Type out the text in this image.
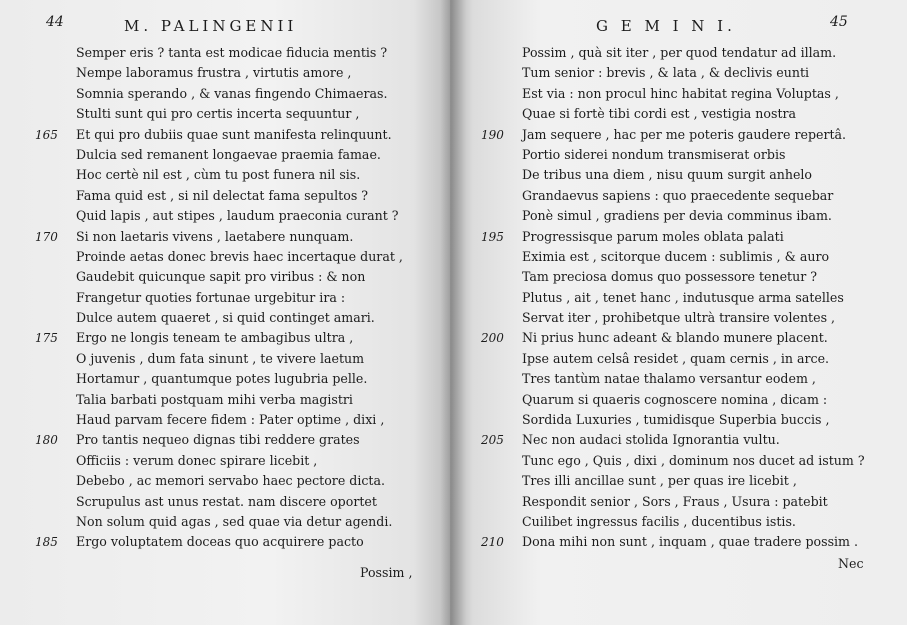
44	M. PALINGENII
Semper eris ? tanta est modicae fiducia mentis ?
Nempe laboramus frustra , virtutis amore ,
Somnia sperando , & vanas fingendo Chimaeras.
Stulti sunt qui pro certis incerta sequuntur ,
165	Et qui pro dubiis quae sunt manifesta relinquunt.
Dulcia sed remanent longaevae praemia famae.
Hoc certè nil est , cùm tu post funera nil sis.
Fama quid est , si nil delectat fama sepultos ?
Quid lapis , aut stipes , laudum praeconia curant ?
170	Si non laetaris vivens , laetabere nunquam.
Proinde aetas donec brevis haec incertaque durat ,
Gaudebit quicunque sapit pro viribus : & non
Frangetur quoties fortunae urgebitur ira :
Dulce autem quaeret , si quid continget amari.
175	Ergo ne longis teneam te ambagibus ultra ,
O juvenis , dum fata sinunt , te vivere laetum
Hortamur , quantumque potes lugubria pelle.
Talia barbati postquam mihi verba magistri
Haud parvam fecere fidem : Pater optime , dixi ,
180	Pro tantis nequeo dignas tibi reddere grates
Officiis : verum donec spirare licebit ,
Debebo , ac memori servabo haec pectore dicta.
Scrupulus ast unus restat. nam discere oportet
Non solum quid agas , sed quae via detur agendi.
185	Ergo voluptatem doceas quo acquirere pacto
Possim ,
G E M I N I.	45
Possim , quà sit iter , per quod tendatur ad illam.
Tum senior : brevis , & lata , & declivis eunti
Est via : non procul hinc habitat regina Voluptas ,
Quae si fortè tibi cordi est , vestigia nostra
190	Jam sequere , hac per me poteris gaudere repertâ.
Portio siderei nondum transmiserat orbis
De tribus una diem , nisu quum surgit anhelo
Grandaevus sapiens : quo praecedente sequebar
Ponè simul , gradiens per devia comminus ibam.
195	Progressisque parum moles oblata palati
Eximia est , scitorque ducem : sublimis , & auro
Tam preciosa domus quo possessore tenetur ?
Plutus , ait , tenet hanc , indutusque arma satelles
Servat iter , prohibetque ultrà transire volentes ,
200	Ni prius hunc adeant & blando munere placent.
Ipse autem celsâ residet , quam cernis , in arce.
Tres tantùm natae thalamo versantur eodem ,
Quarum si quaeris cognoscere nomina , dicam :
Sordida Luxuries , tumidisque Superbia buccis ,
205	Nec non audaci stolida Ignorantia vultu.
Tunc ego , Quis , dixi , dominum nos ducet ad istum ?
Tres illi ancillae sunt , per quas ire licebit ,
Respondit senior , Sors , Fraus , Usura : patebit
Cuilibet ingressus facilis , ducentibus istis.
210	Dona mihi non sunt , inquam , quae tradere possim .
Nec
